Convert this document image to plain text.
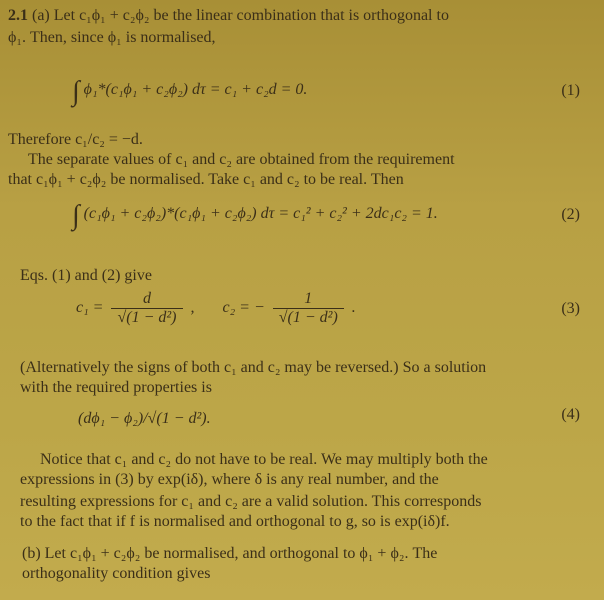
2.1 (a) Let c₁ϕ₁ + c₂ϕ₂ be the linear combination that is orthogonal to
ϕ₁. Then, since ϕ₁ is normalised,
∫ ϕ₁*(c₁ϕ₁ + c₂ϕ₂) dτ = c₁ + c₂d = 0.	(1)
Therefore c₁/c₂ = −d.
The separate values of c₁ and c₂ are obtained from the requirement
that c₁ϕ₁ + c₂ϕ₂ be normalised. Take c₁ and c₂ to be real. Then
∫ (c₁ϕ₁ + c₂ϕ₂)*(c₁ϕ₁ + c₂ϕ₂) dτ = c₁² + c₂² + 2dc₁c₂ = 1.	(2)
Eqs. (1) and (2) give
$c_1 = \frac{d}{\text{√(1 − d²)}}$ , c₂ = − $\frac{1}{\text{√(1 − d²)}}$ .	(3)
(Alternatively the signs of both c₁ and c₂ may be reversed.) So a solution
with the required properties is
(dϕ₁ − ϕ₂)/√(1 − d²).	(4)
Notice that c₁ and c₂ do not have to be real. We may multiply both the
expressions in (3) by exp(iδ), where δ is any real number, and the
resulting expressions for c₁ and c₂ are a valid solution. This corresponds
to the fact that if f is normalised and orthogonal to g, so is exp(iδ)f.
(b) Let c₁ϕ₁ + c₂ϕ₂ be normalised, and orthogonal to ϕ₁ + ϕ₂. The
orthogonality condition gives
